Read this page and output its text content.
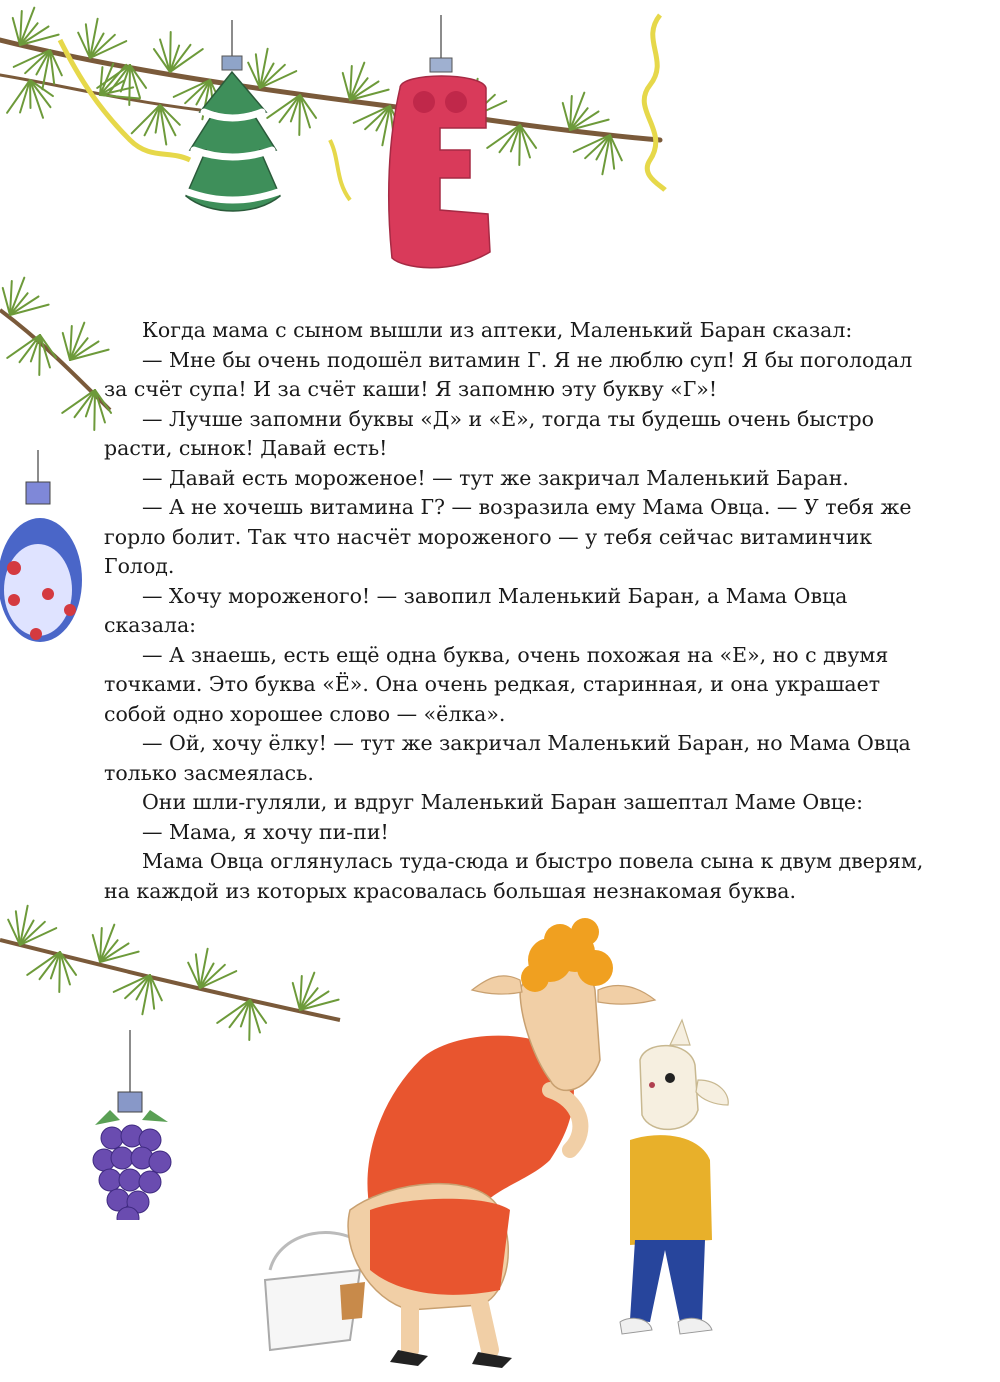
Когда мама с сыном вышли из аптеки, Маленький Баран сказал:

— Мне бы очень подошёл витамин Г. Я не люблю суп! Я бы поголодал за счёт супа! И за счёт каши! Я запомню эту букву «Г»!

— Лучше запомни буквы «Д» и «Е», тогда ты будешь очень быстро расти, сынок! Давай есть!

— Давай есть мороженое! — тут же закричал Маленький Баран.

— А не хочешь витамина Г? — возразила ему Мама Овца. — У тебя же горло болит. Так что насчёт мороженого — у тебя сейчас витаминчик Голод.

— Хочу мороженого! — завопил Маленький Баран, а Мама Овца сказала:

— А знаешь, есть ещё одна буква, очень похожая на «Е», но с двумя точками. Это буква «Ё». Она очень редкая, старинная, и она украшает собой одно хорошее слово — «ёлка».

— Ой, хочу ёлку! — тут же закричал Маленький Баран, но Мама Овца только засмеялась.

Они шли-гуляли, и вдруг Маленький Баран зашептал Маме Овце:

— Мама, я хочу пи-пи!

Мама Овца оглянулась туда-сюда и быстро повела сына к двум дверям, на каждой из которых красовалась большая незнакомая буква.
